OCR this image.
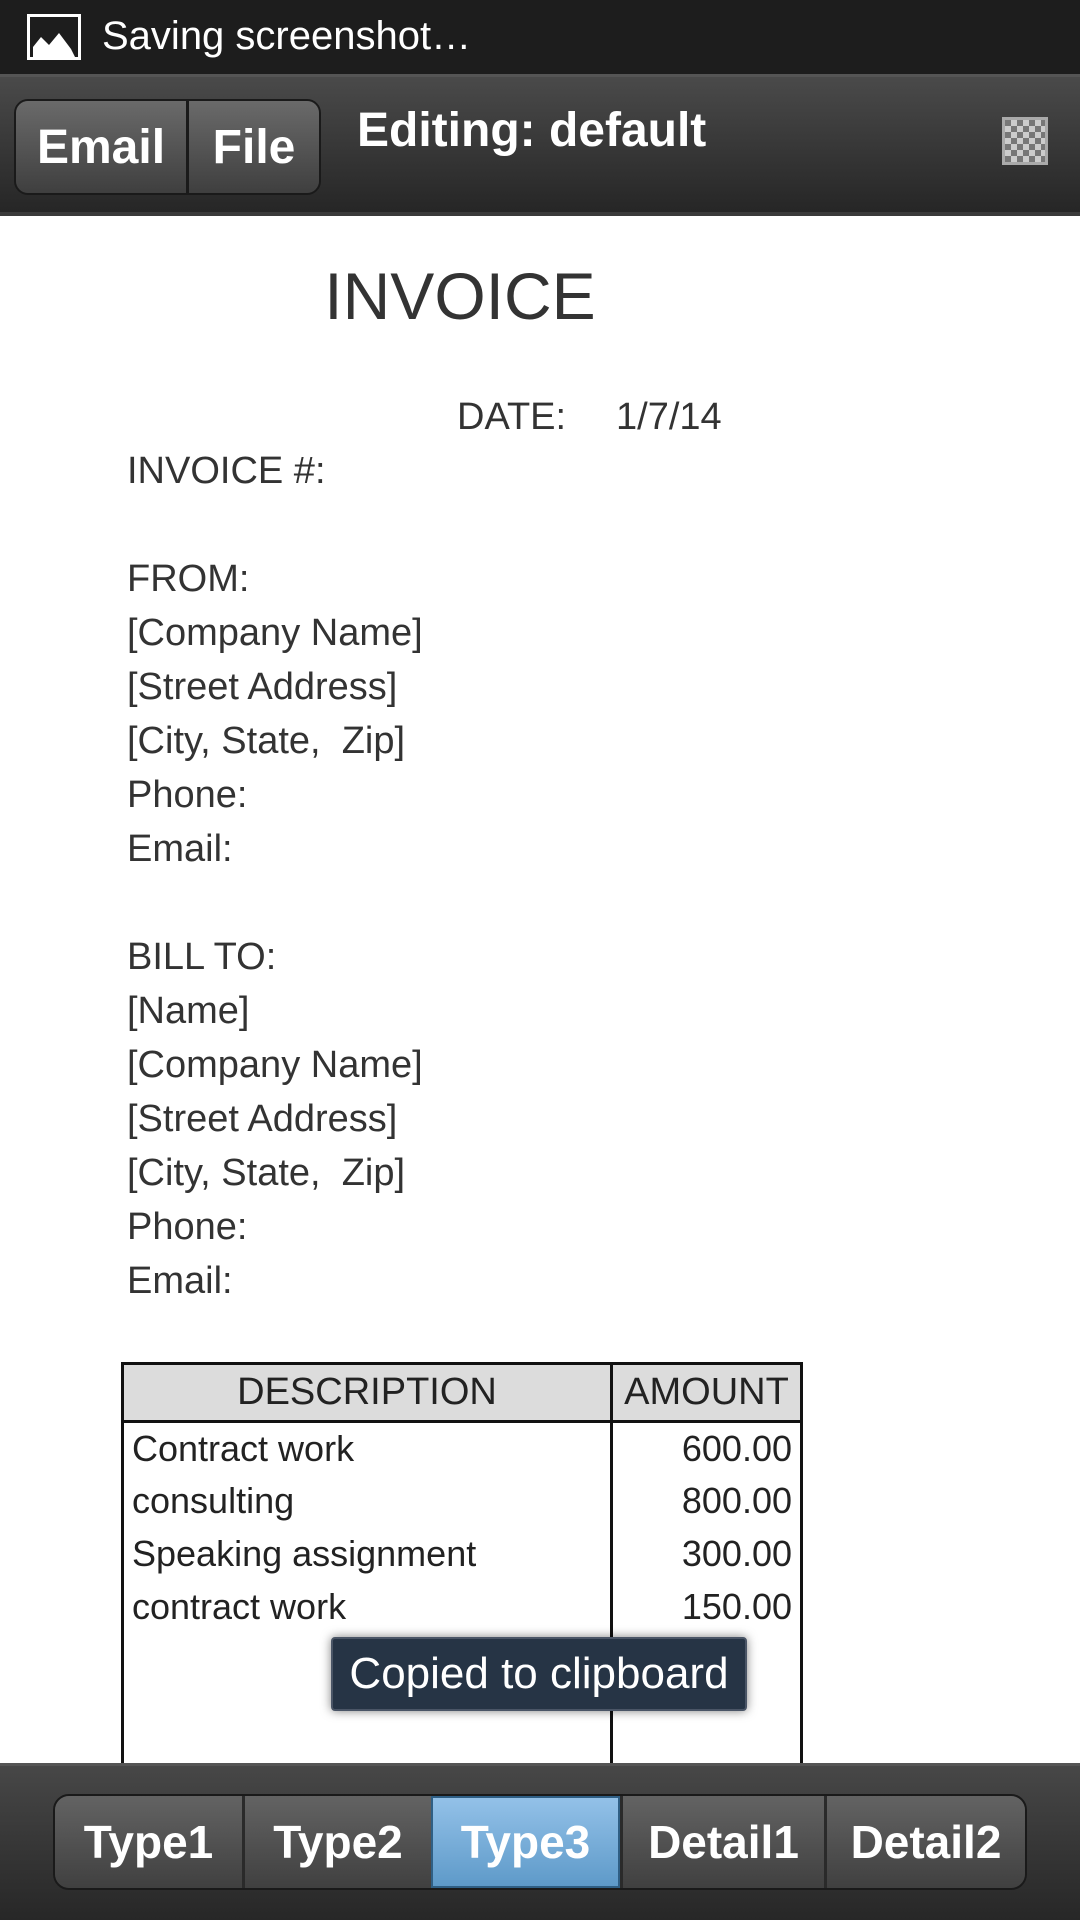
Saving screenshot…
Email File	Editing: default
INVOICE
DATE: 1/7/14
INVOICE #:
FROM:
[Company Name]
[Street Address]
[City, State,  Zip]
Phone:
Email:
BILL TO:
[Name]
[Company Name]
[Street Address]
[City, State,  Zip]
Phone:
Email:
DESCRIPTION	AMOUNT
Contract work	600.00
consulting	800.00
Speaking assignment	300.00
contract work	150.00

Copied to clipboard
Type1	Type2	Type3	Detail1	Detail2
